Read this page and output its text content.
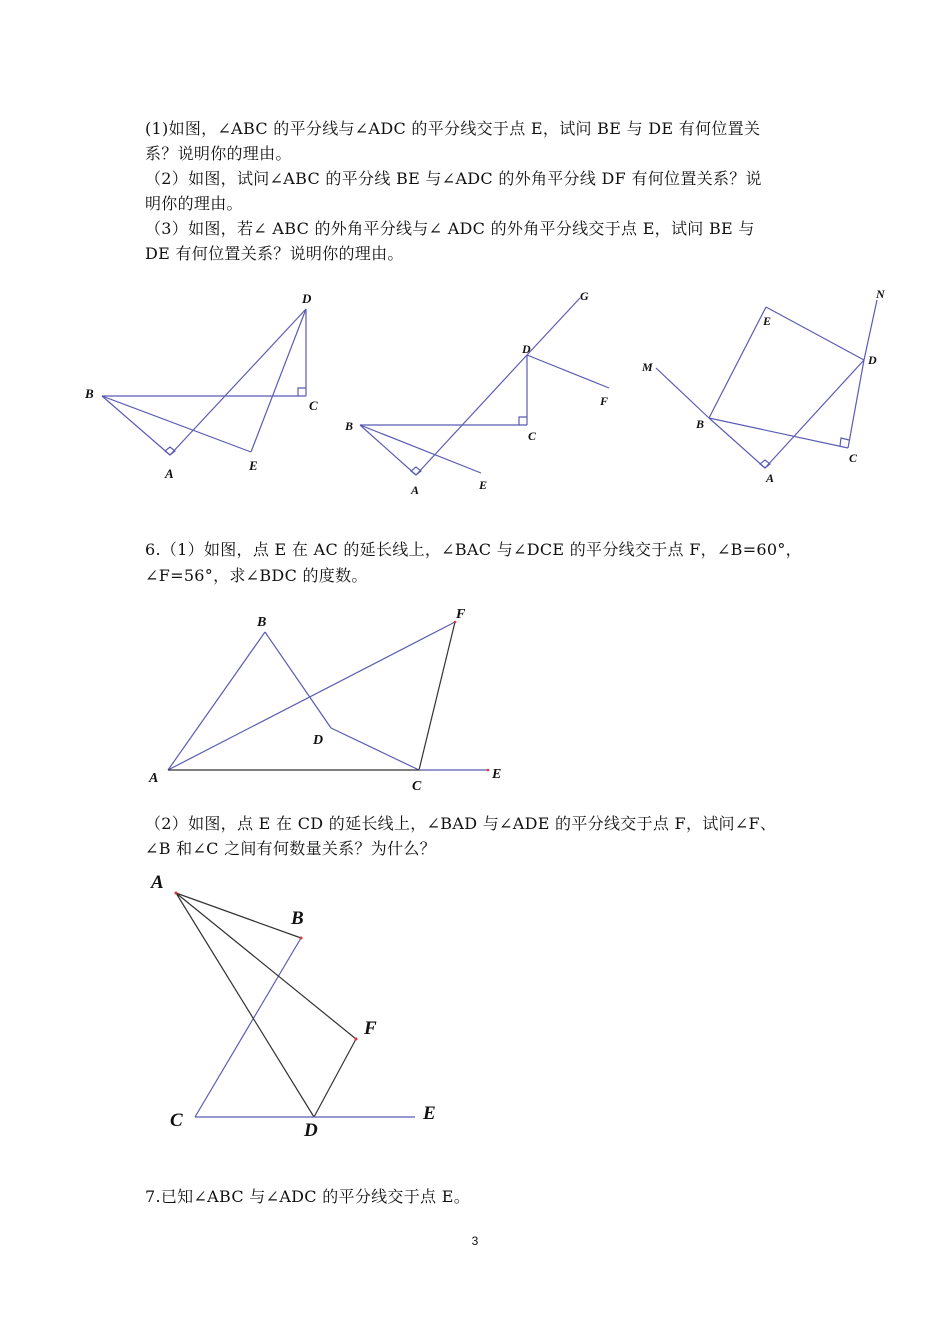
(1)如图，∠ABC 的平分线与∠ADC 的平分线交于点 E，试问 BE 与 DE 有何位置关
系？说明你的理由。
（2）如图，试问∠ABC 的平分线 BE 与∠ADC 的外角平分线 DF 有何位置关系？说
明你的理由。
（3）如图，若∠ ABC 的外角平分线与∠ ADC 的外角平分线交于点 E，试问 BE 与
DE 有何位置关系？说明你的理由。
D
B
C
A
E
G
D
F
B
C
A	E
N
E
M	D
B
C
A
B
F
D
A
C
E
A
B
F
C	D
E
6.（1）如图，点 E 在 AC 的延长线上，∠BAC 与∠DCE 的平分线交于点 F，∠B=60°，
∠F=56°，求∠BDC 的度数。
（2）如图，点 E 在 CD 的延长线上，∠BAD 与∠ADE 的平分线交于点 F，试问∠F、
∠B 和∠C 之间有何数量关系？为什么？
7.已知∠ABC 与∠ADC 的平分线交于点 E。
3
